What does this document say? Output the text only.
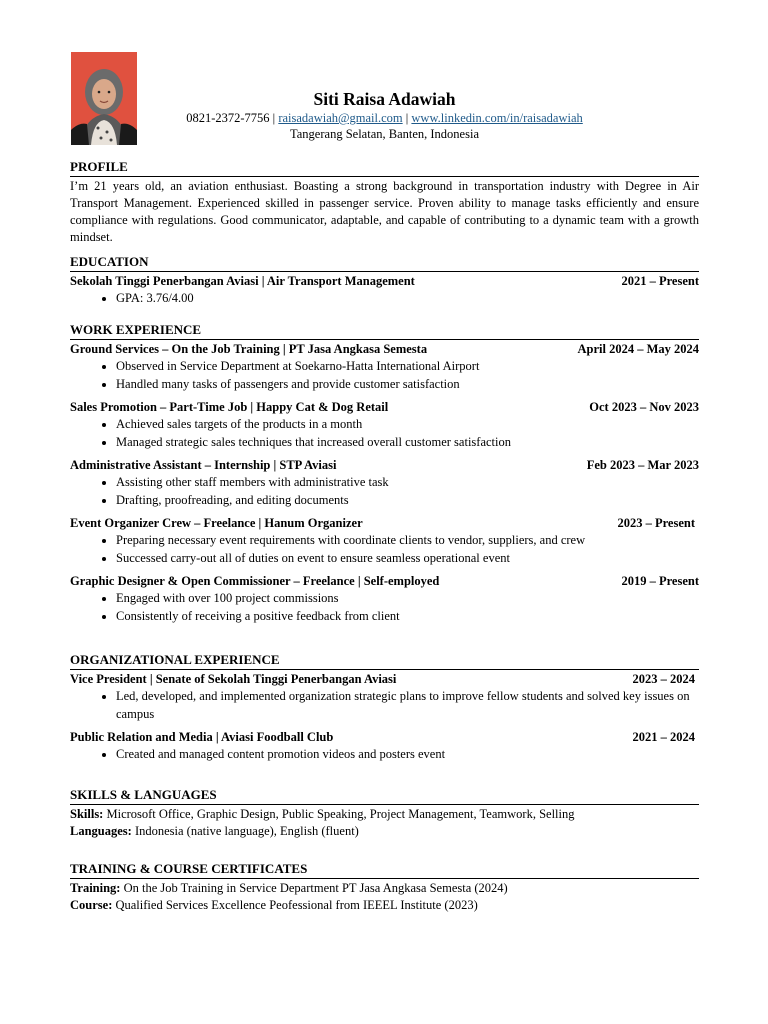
Siti Raisa Adawiah
0821-2372-7756 | raisadawiah@gmail.com | www.linkedin.com/in/raisadawiah
Tangerang Selatan, Banten, Indonesia
PROFILE
I’m 21 years old, an aviation enthusiast. Boasting a strong background in transportation industry with Degree in Air Transport Management. Experienced skilled in passenger service. Proven ability to manage tasks efficiently and ensure compliance with regulations. Good communicator, adaptable, and capable of contributing to a dynamic team with a growth mindset.
EDUCATION
Sekolah Tinggi Penerbangan Aviasi | Air Transport Management	2021 – Present
• GPA: 3.76/4.00
WORK EXPERIENCE
Ground Services – On the Job Training | PT Jasa Angkasa Semesta	April 2024 – May 2024
• Observed in Service Department at Soekarno-Hatta International Airport
• Handled many tasks of passengers and provide customer satisfaction
Sales Promotion – Part-Time Job | Happy Cat & Dog Retail	Oct 2023 – Nov 2023
• Achieved sales targets of the products in a month
• Managed strategic sales techniques that increased overall customer satisfaction
Administrative Assistant – Internship | STP Aviasi	Feb 2023 – Mar 2023
• Assisting other staff members with administrative task
• Drafting, proofreading, and editing documents
Event Organizer Crew – Freelance | Hanum Organizer	2023 – Present
• Preparing necessary event requirements with coordinate clients to vendor, suppliers, and crew
• Successed carry-out all of duties on event to ensure seamless operational event
Graphic Designer & Open Commissioner – Freelance | Self-employed	2019 – Present
• Engaged with over 100 project commissions
• Consistently of receiving a positive feedback from client
ORGANIZATIONAL EXPERIENCE
Vice President | Senate of Sekolah Tinggi Penerbangan Aviasi	2023 – 2024
• Led, developed, and implemented organization strategic plans to improve fellow students and solved key issues on campus
Public Relation and Media | Aviasi Foodball Club	2021 – 2024
• Created and managed content promotion videos and posters event
SKILLS & LANGUAGES
Skills: Microsoft Office, Graphic Design, Public Speaking, Project Management, Teamwork, Selling
Languages: Indonesia (native language), English (fluent)
TRAINING & COURSE CERTIFICATES
Training: On the Job Training in Service Department PT Jasa Angkasa Semesta (2024)
Course: Qualified Services Excellence Peofessional from IEEEL Institute (2023)
